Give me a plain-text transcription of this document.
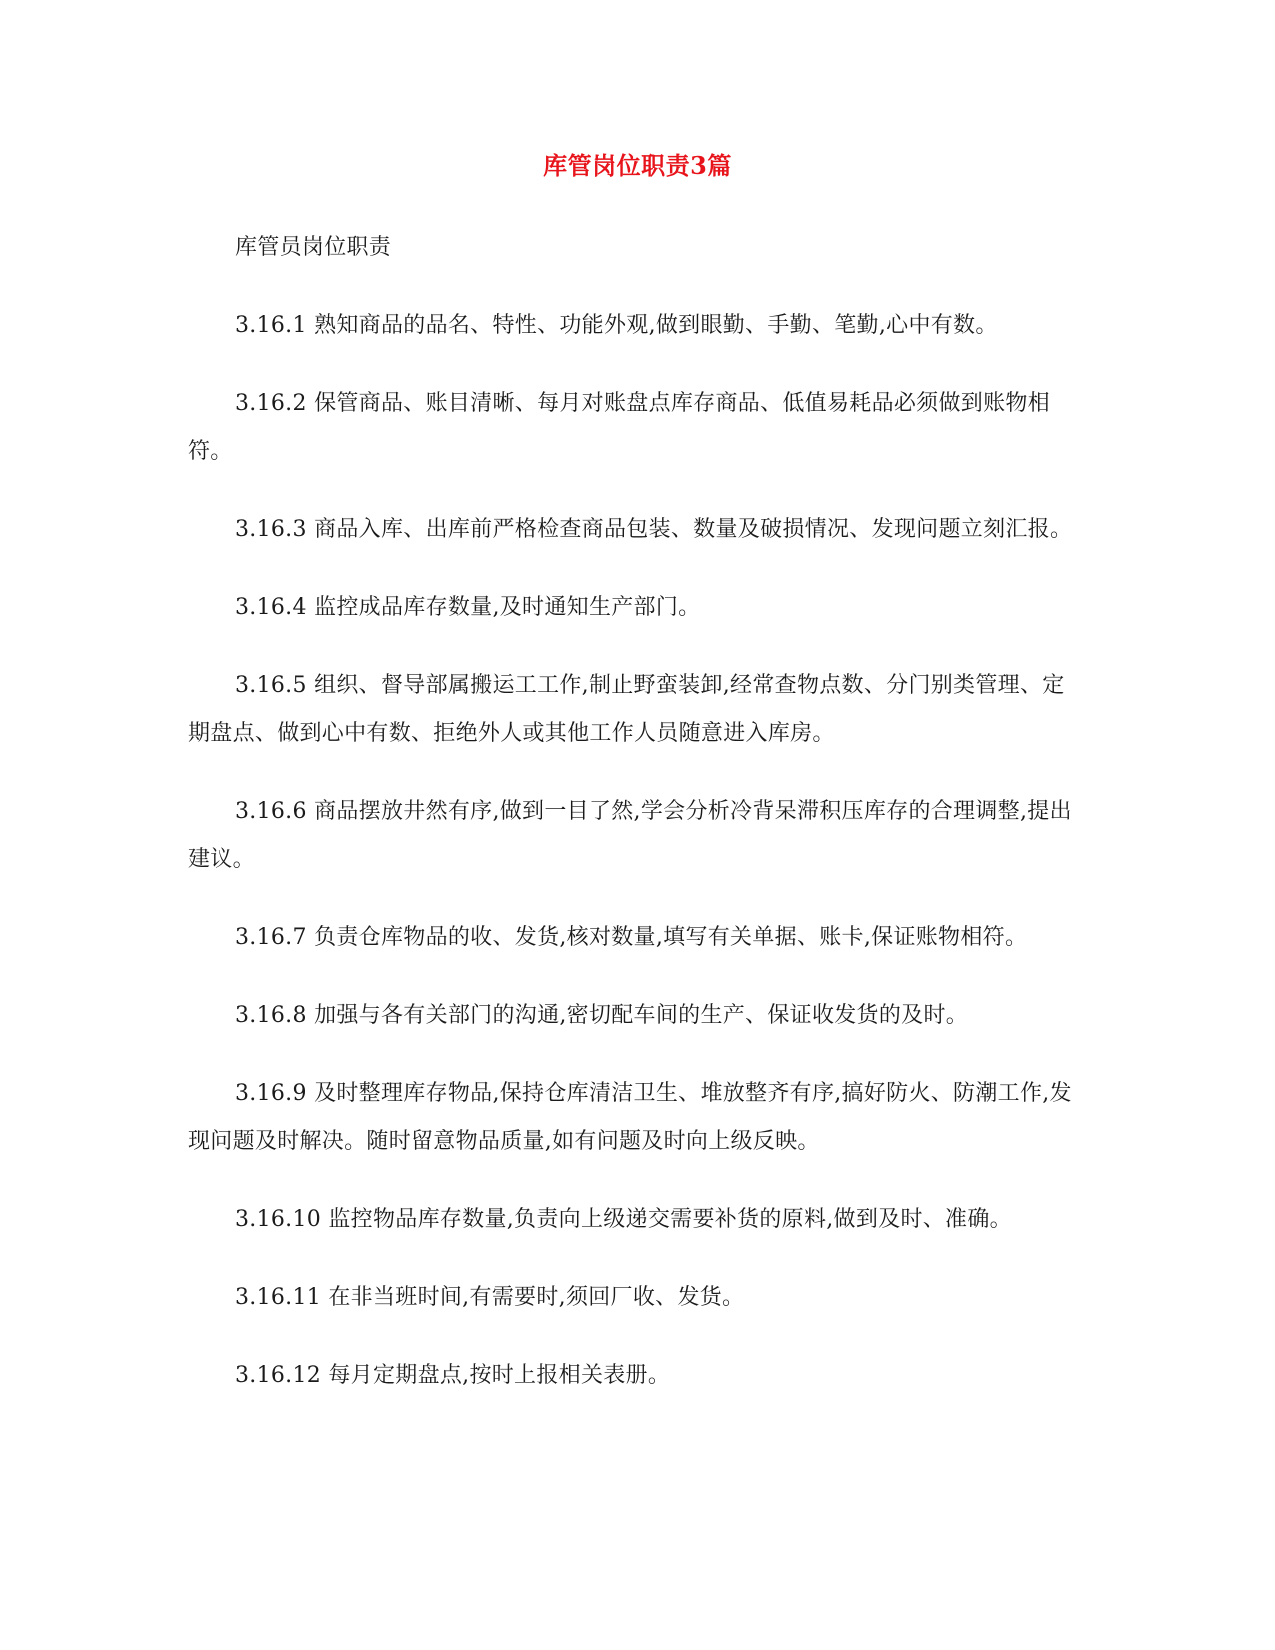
库管岗位职责3篇

库管员岗位职责

3.16.1 熟知商品的品名、特性、功能外观,做到眼勤、手勤、笔勤,心中有数。

3.16.2 保管商品、账目清晰、每月对账盘点库存商品、低值易耗品必须做到账物相符。

3.16.3 商品入库、出库前严格检查商品包装、数量及破损情况、发现问题立刻汇报。

3.16.4 监控成品库存数量,及时通知生产部门。

3.16.5 组织、督导部属搬运工工作,制止野蛮装卸,经常查物点数、分门别类管理、定期盘点、做到心中有数、拒绝外人或其他工作人员随意进入库房。

3.16.6 商品摆放井然有序,做到一目了然,学会分析冷背呆滞积压库存的合理调整,提出建议。

3.16.7 负责仓库物品的收、发货,核对数量,填写有关单据、账卡,保证账物相符。

3.16.8 加强与各有关部门的沟通,密切配车间的生产、保证收发货的及时。

3.16.9 及时整理库存物品,保持仓库清洁卫生、堆放整齐有序,搞好防火、防潮工作,发现问题及时解决。随时留意物品质量,如有问题及时向上级反映。

3.16.10 监控物品库存数量,负责向上级递交需要补货的原料,做到及时、准确。

3.16.11 在非当班时间,有需要时,须回厂收、发货。

3.16.12 每月定期盘点,按时上报相关表册。
